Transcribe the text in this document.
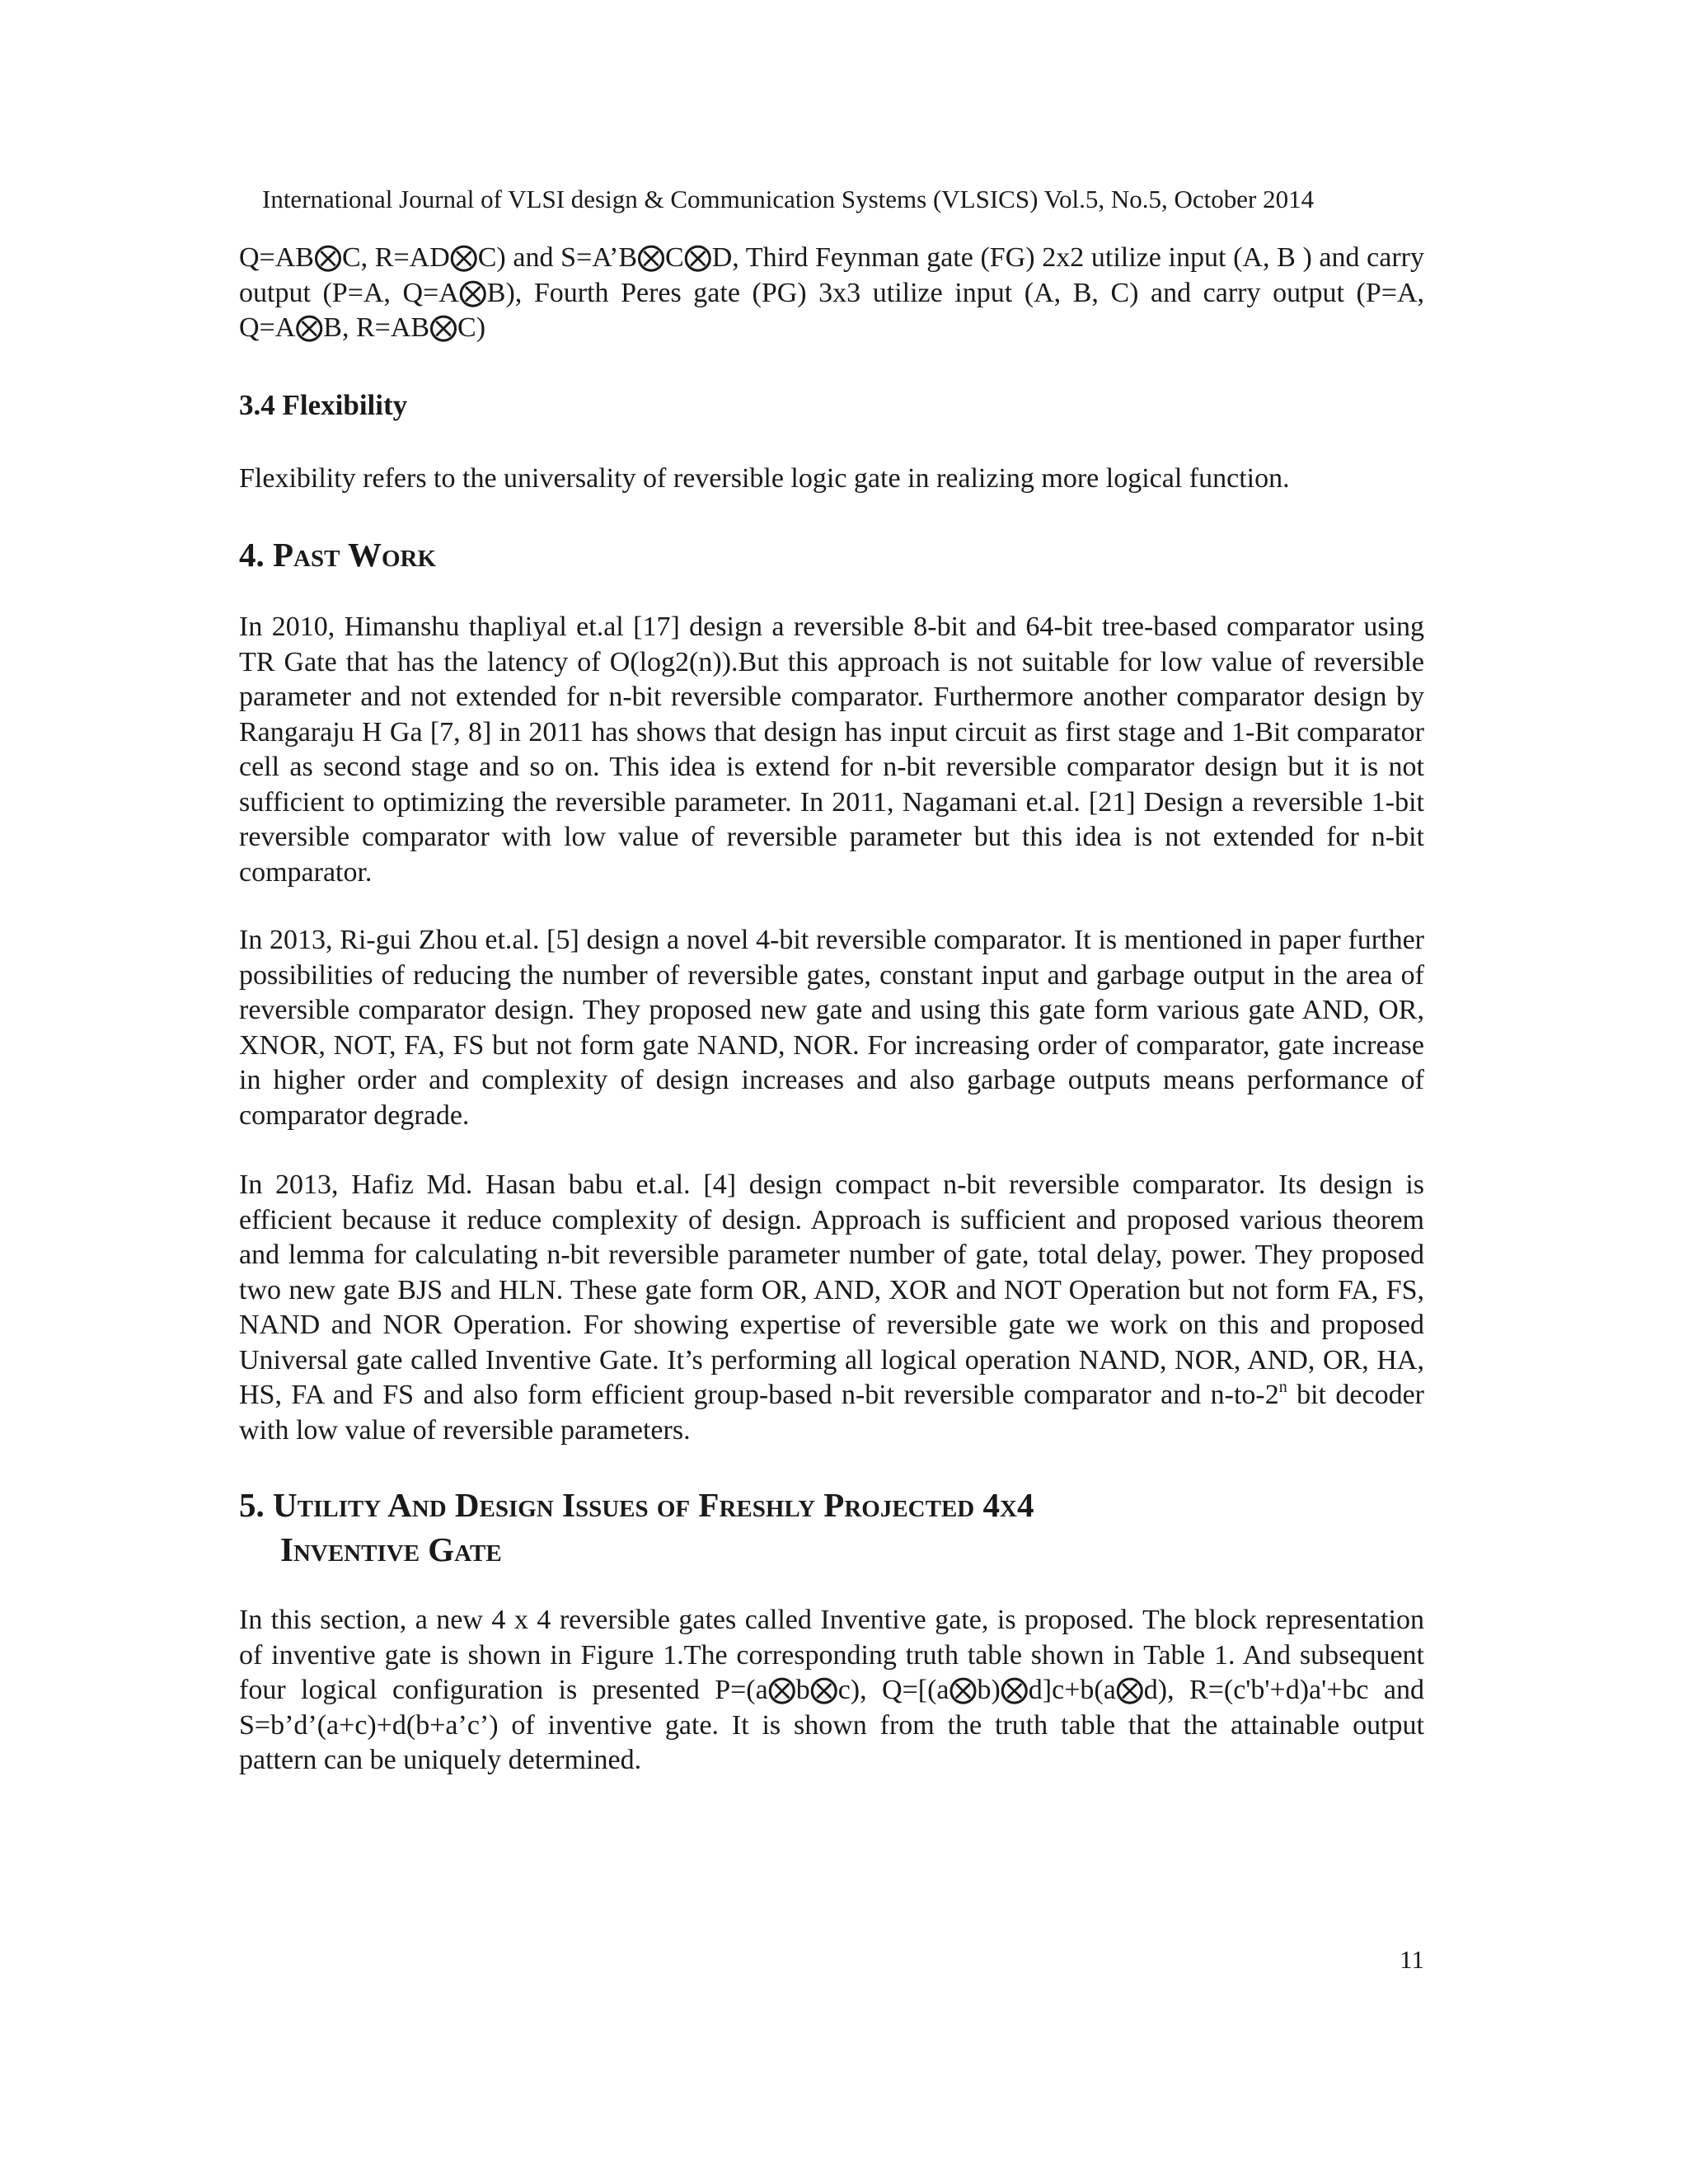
International Journal of VLSI design & Communication Systems (VLSICS) Vol.5, No.5, October 2014

Q=AB⨂C, R=AD⨂C) and S=A’B⨂C⨂D, Third Feynman gate (FG) 2x2 utilize input (A, B ) and carry output (P=A, Q=A⨂B), Fourth Peres gate (PG) 3x3 utilize input (A, B, C) and carry output (P=A, Q=A⨂B, R=AB⨂C)

3.4 Flexibility

Flexibility refers to the universality of reversible logic gate in realizing more logical function.

4. Past Work

In 2010, Himanshu thapliyal et.al [17] design a reversible 8-bit and 64-bit tree-based comparator using TR Gate that has the latency of O(log2(n)).But this approach is not suitable for low value of reversible parameter and not extended for n-bit reversible comparator. Furthermore another comparator design by Rangaraju H Ga [7, 8] in 2011 has shows that design has input circuit as first stage and 1-Bit comparator cell as second stage and so on. This idea is extend for n-bit reversible comparator design but it is not sufficient to optimizing the reversible parameter. In 2011, Nagamani et.al. [21] Design a reversible 1-bit reversible comparator with low value of reversible parameter but this idea is not extended for n-bit comparator.

In 2013, Ri-gui Zhou et.al. [5] design a novel 4-bit reversible comparator. It is mentioned in paper further possibilities of reducing the number of reversible gates, constant input and garbage output in the area of reversible comparator design. They proposed new gate and using this gate form various gate AND, OR, XNOR, NOT, FA, FS but not form gate NAND, NOR. For increasing order of comparator, gate increase in higher order and complexity of design increases and also garbage outputs means performance of comparator degrade.

In 2013, Hafiz Md. Hasan babu et.al. [4] design compact n-bit reversible comparator. Its design is efficient because it reduce complexity of design. Approach is sufficient and proposed various theorem and lemma for calculating n-bit reversible parameter number of gate, total delay, power. They proposed two new gate BJS and HLN. These gate form OR, AND, XOR and NOT Operation but not form FA, FS, NAND and NOR Operation. For showing expertise of reversible gate we work on this and proposed Universal gate called Inventive Gate. It’s performing all logical operation NAND, NOR, AND, OR, HA, HS, FA and FS and also form efficient group-based n-bit reversible comparator and n-to-2$^n$ bit decoder with low value of reversible parameters.

5. Utility And Design Issues of Freshly Projected 4x4
Inventive Gate

In this section, a new 4 x 4 reversible gates called Inventive gate, is proposed. The block representation of inventive gate is shown in Figure 1.The corresponding truth table shown in Table 1. And subsequent four logical configuration is presented P=(a⨂b⨂c), Q=[(a⨂b)⨂d]c+b(a⨂d), R=(c'b'+d)a'+bc and S=b’d’(a+c)+d(b+a’c’) of inventive gate. It is shown from the truth table that the attainable output pattern can be uniquely determined.

11
